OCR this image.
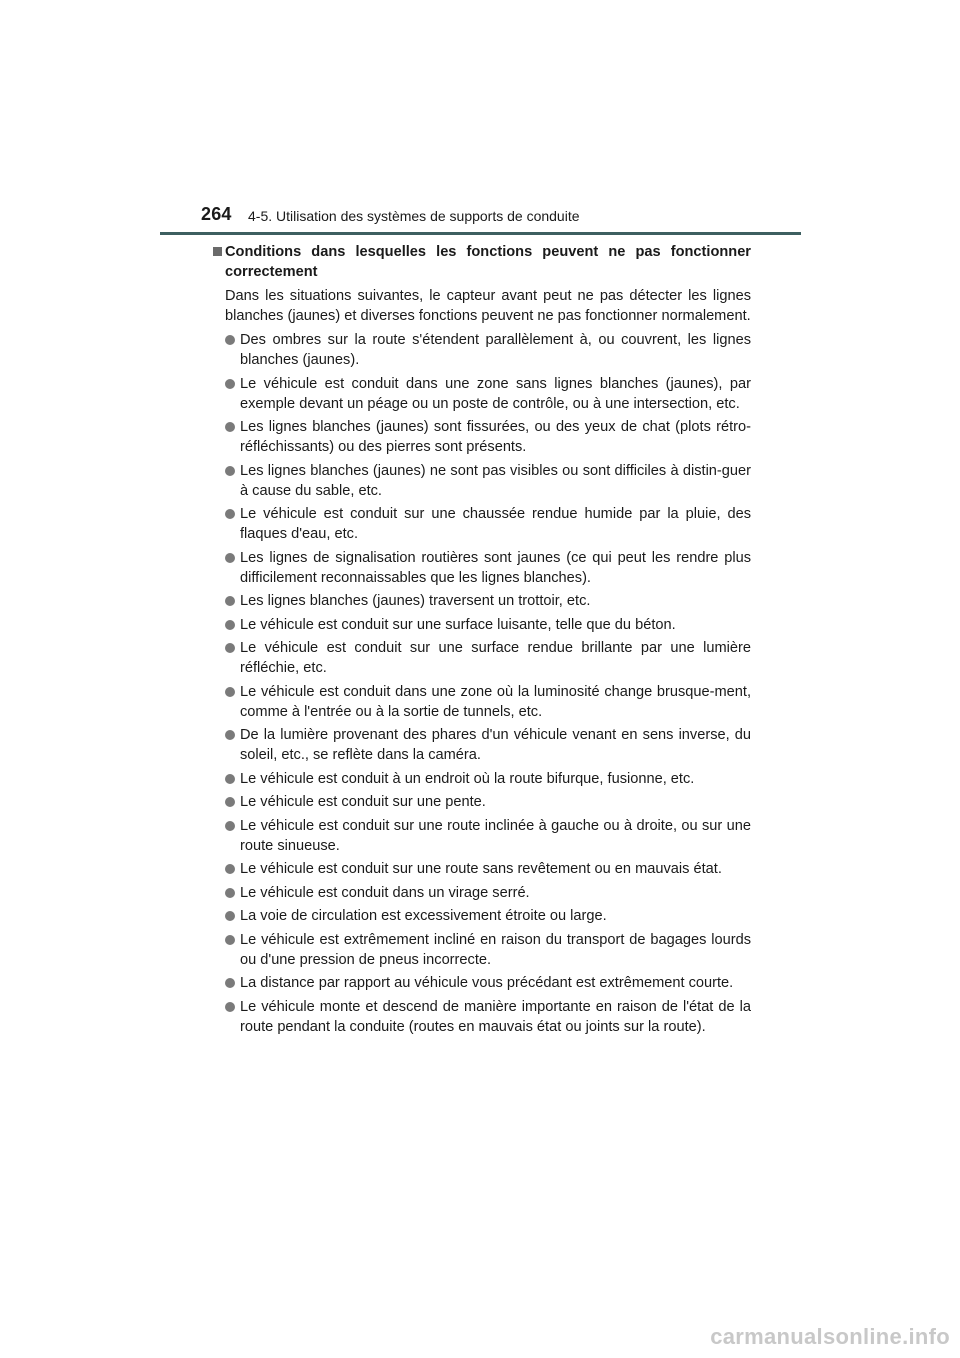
264 4-5. Utilisation des systèmes de supports de conduite

Conditions dans lesquelles les fonctions peuvent ne pas fonctionner correctement

Dans les situations suivantes, le capteur avant peut ne pas détecter les lignes blanches (jaunes) et diverses fonctions peuvent ne pas fonctionner normalement.

Des ombres sur la route s'étendent parallèlement à, ou couvrent, les lignes blanches (jaunes).
Le véhicule est conduit dans une zone sans lignes blanches (jaunes), par exemple devant un péage ou un poste de contrôle, ou à une intersection, etc.
Les lignes blanches (jaunes) sont fissurées, ou des yeux de chat (plots rétro-réfléchissants) ou des pierres sont présents.
Les lignes blanches (jaunes) ne sont pas visibles ou sont difficiles à distin-guer à cause du sable, etc.
Le véhicule est conduit sur une chaussée rendue humide par la pluie, des flaques d'eau, etc.
Les lignes de signalisation routières sont jaunes (ce qui peut les rendre plus difficilement reconnaissables que les lignes blanches).
Les lignes blanches (jaunes) traversent un trottoir, etc.
Le véhicule est conduit sur une surface luisante, telle que du béton.
Le véhicule est conduit sur une surface rendue brillante par une lumière réfléchie, etc.
Le véhicule est conduit dans une zone où la luminosité change brusque-ment, comme à l'entrée ou à la sortie de tunnels, etc.
De la lumière provenant des phares d'un véhicule venant en sens inverse, du soleil, etc., se reflète dans la caméra.
Le véhicule est conduit à un endroit où la route bifurque, fusionne, etc.
Le véhicule est conduit sur une pente.
Le véhicule est conduit sur une route inclinée à gauche ou à droite, ou sur une route sinueuse.
Le véhicule est conduit sur une route sans revêtement ou en mauvais état.
Le véhicule est conduit dans un virage serré.
La voie de circulation est excessivement étroite ou large.
Le véhicule est extrêmement incliné en raison du transport de bagages lourds ou d'une pression de pneus incorrecte.
La distance par rapport au véhicule vous précédant est extrêmement courte.
Le véhicule monte et descend de manière importante en raison de l'état de la route pendant la conduite (routes en mauvais état ou joints sur la route).
carmanualsonline.info
